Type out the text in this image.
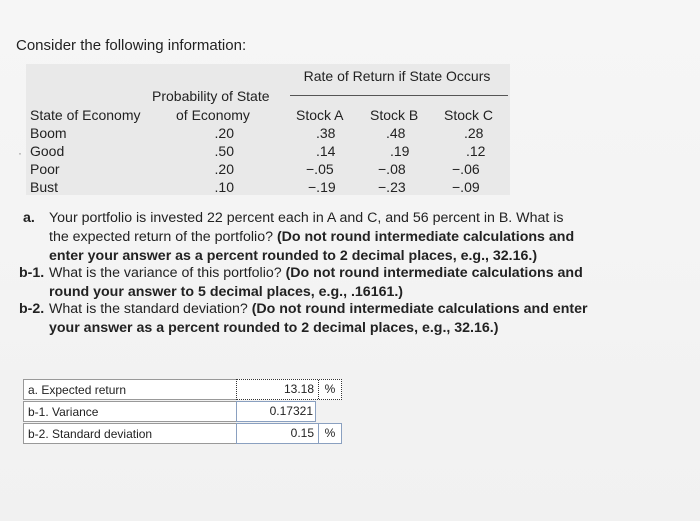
Consider the following information:
·
Rate of Return if State Occurs
Probability of State
State of Economy	of Economy	Stock A Stock B Stock C
Boom	.20	.38	.48	.28
Good	.50	.14	.19	.12
Poor	.20	−.05	−.08	−.06
Bust	.10	−.19	−.23	−.09
a. Your portfolio is invested 22 percent each in A and C, and 56 percent in B. What is
the expected return of the portfolio? (Do not round intermediate calculations and
enter your answer as a percent rounded to 2 decimal places, e.g., 32.16.)
b-1. What is the variance of this portfolio? (Do not round intermediate calculations and
round your answer to 5 decimal places, e.g., .16161.)
b-2. What is the standard deviation? (Do not round intermediate calculations and enter
your answer as a percent rounded to 2 decimal places, e.g., 32.16.)
a. Expected return	13.18 %
b-1. Variance	0.17321
b-2. Standard deviation	0.15 %
